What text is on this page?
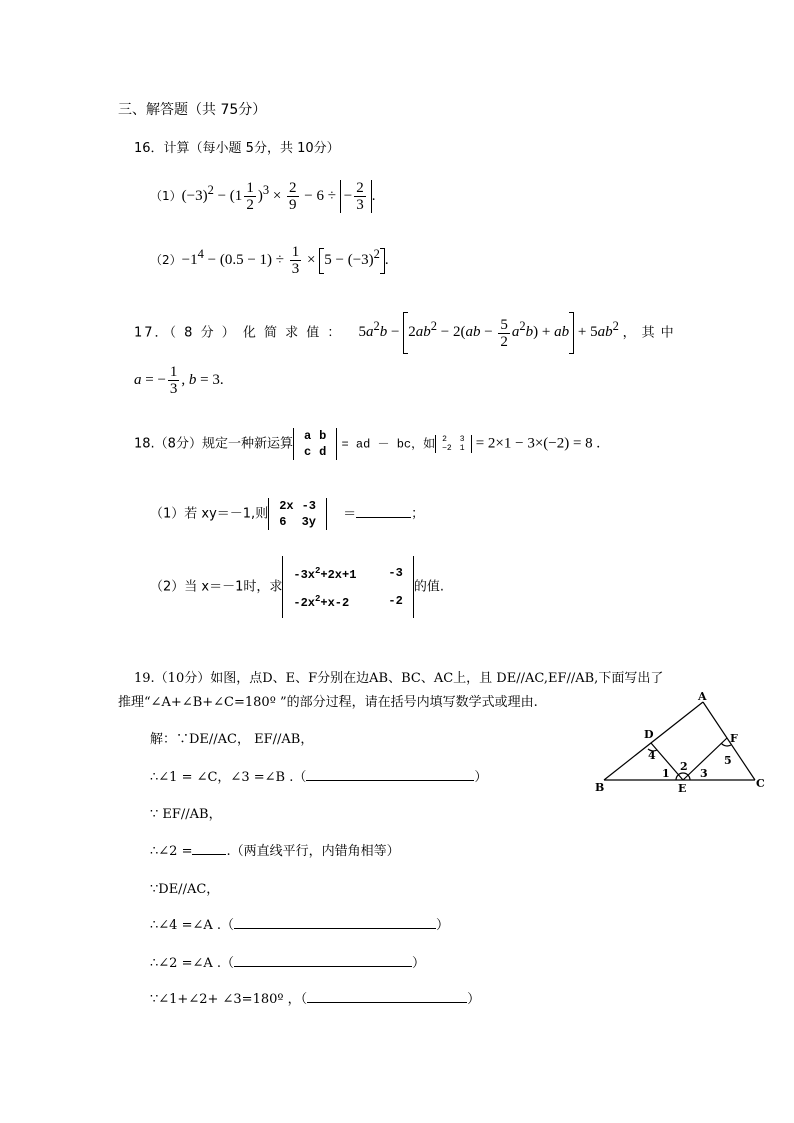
三、解答题（共 75分）
16．计算（每小题 5分，共 10分）
$(1)(-3)^2 - (1 \frac{1}{2} )^3 \times \frac{2}{9} - 6$ ÷ − $\frac{2}{3}$ .
$(2)-1^4 - (0.5 - 1) \div \frac{1}{3} \times 5 - (-3)^2$ .
17．（ 8 分 ） 化 简 求 值 ： $5a^2b - 2ab^2 - 2(ab - \frac{5}{2} a^2b)$ + ab + $5ab^2$ ，其中
a = − $\frac{1}{3}$ , b = 3.
18.（8分）规定一种新运算
a	b
c	d
= ad － bc，如 2	3
−2	1 = 2×1 − 3×(−2) = 8 .
（1）若 xy＝－1,则
2x	-3
6	3y
＝	；
（2）当 x＝－1时，求
$-3x^2+2x+1$	-3
$-2x^2+x-2$	-2
的值.
19.（10分）如图，点D、E、F分别在边AB、BC、AC上，且 DE//AC,EF//AB,下面写出了
推理“∠A+∠B+∠C=180º ”的部分过程，请在括号内填写数学式或理由.
解：∵DE//AC， EF//AB，
∴∠1 = ∠C，∠3 =∠B .（	）
∵ EF//AB，
∴∠2 =	.（两直线平行，内错角相等）
∵DE//AC，
∴∠4 =∠A .（	）
∴∠2 =∠A .（	）
∵∠1+∠2+ ∠3=180º ，（	）
A
B	C
D
E
F
1
2
3
4	5
